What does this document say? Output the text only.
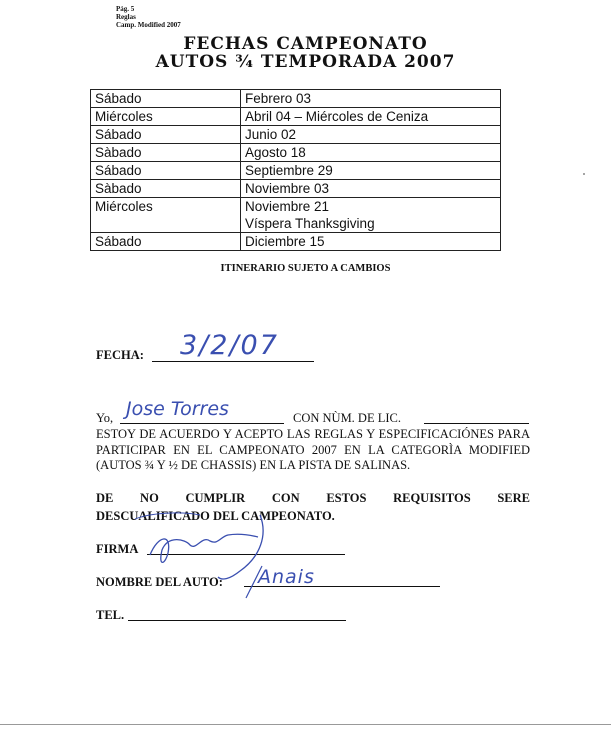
Pág. 5
Reglas
Camp. Modified 2007
FECHAS CAMPEONATO
AUTOS ¾ TEMPORADA 2007
Sábado	Febrero 03

Miércoles	Abril 04 – Miércoles de Ceniza

Sábado	Junio 02

Sàbado	Agosto 18

Sábado	Septiembre 29

Sàbado	Noviembre 03

Miércoles	Noviembre 21
Víspera Thanksgiving

Sábado	Diciembre 15
ITINERARIO SUJETO A CAMBIOS
FECHA: 3/2/07
Yo, Jose Torres	CON NÙM. DE LIC.
ESTOY DE ACUERDO Y ACEPTO LAS REGLAS Y ESPECIFICACIÓNES PARA PARTICIPAR EN EL CAMPEONATO 2007 EN LA CATEGORÌA MODIFIED (AUTOS ¾ Y ½ DE CHASSIS) EN LA PISTA DE SALINAS.
DE NO CUMPLIR CON ESTOS REQUISITOS SERE
DESCUALIFICADO DEL CAMPEONATO.
FIRMA
NOMBRE DEL AUTO: Anais
TEL.
